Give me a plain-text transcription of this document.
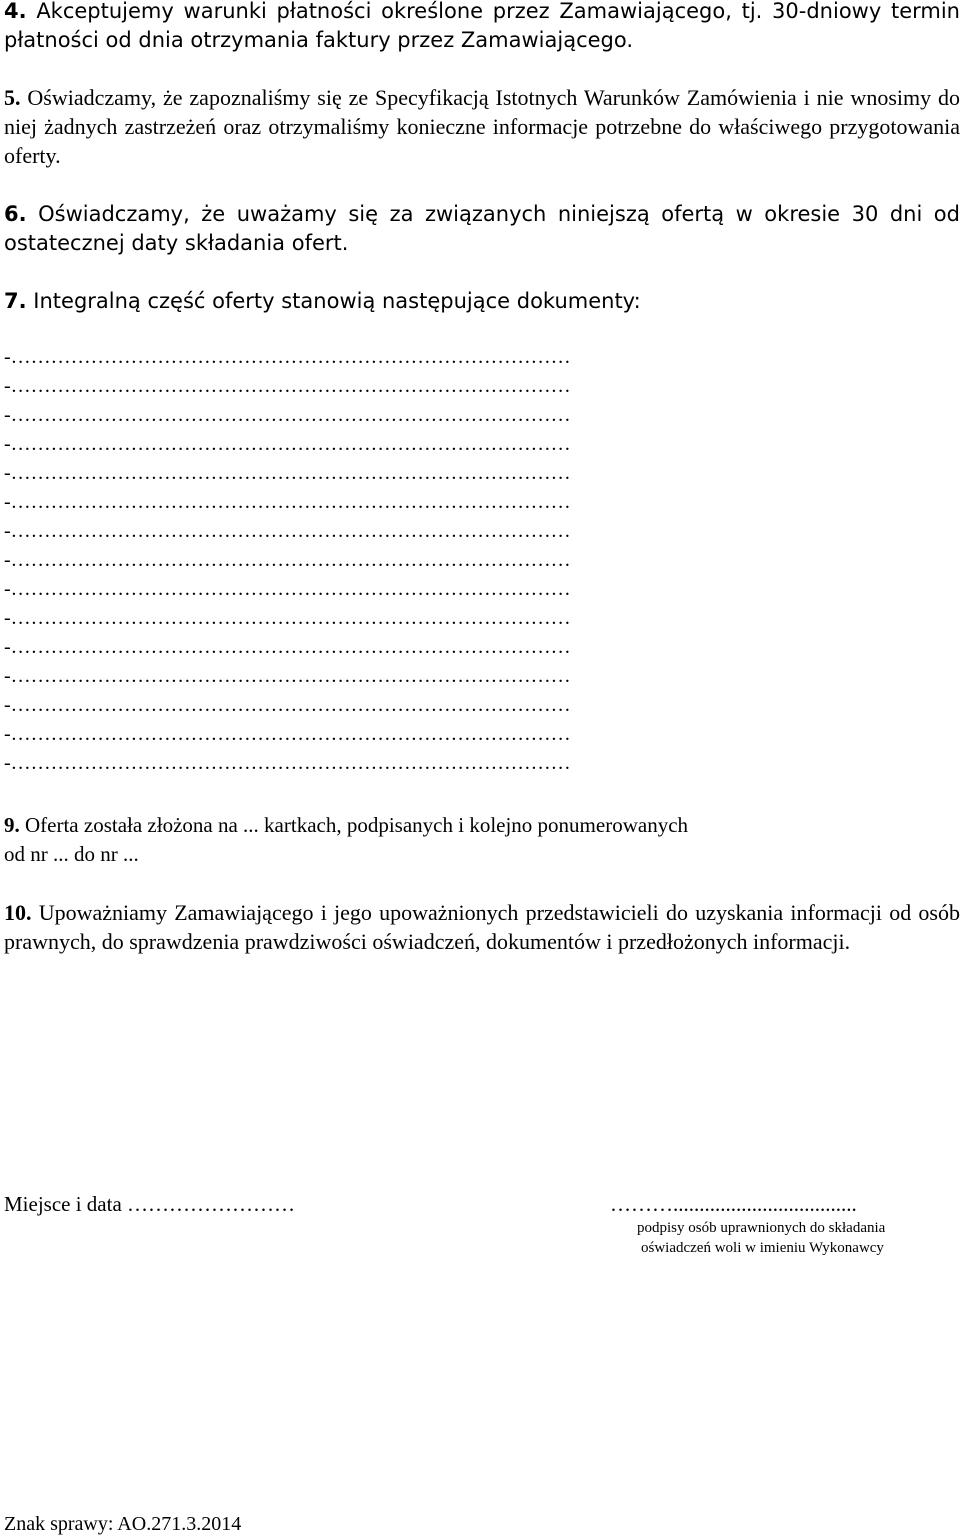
4. Akceptujemy warunki płatności określone przez Zamawiającego, tj. 30-dniowy termin płatności od dnia otrzymania faktury przez Zamawiającego.
5. Oświadczamy, że zapoznaliśmy się ze Specyfikacją Istotnych Warunków Zamówienia i nie wnosimy do niej żadnych zastrzeżeń oraz otrzymaliśmy konieczne informacje potrzebne do właściwego przygotowania oferty.
6. Oświadczamy, że uważamy się za związanych niniejszą ofertą w okresie 30 dni od ostatecznej daty składania ofert.
7. Integralną część oferty stanowią następujące dokumenty:
-…………………………………………………………………………
-…………………………………………………………………………
-…………………………………………………………………………
-…………………………………………………………………………
-…………………………………………………………………………
-…………………………………………………………………………
-…………………………………………………………………………
-…………………………………………………………………………
-…………………………………………………………………………
-…………………………………………………………………………
-…………………………………………………………………………
-…………………………………………………………………………
-…………………………………………………………………………
-…………………………………………………………………………
-…………………………………………………………………………
9. Oferta została złożona na ... kartkach, podpisanych i kolejno ponumerowanych
od nr ... do nr ...
10. Upoważniamy Zamawiającego i jego upoważnionych przedstawicieli do uzyskania informacji od osób prawnych, do sprawdzenia prawdziwości oświadczeń, dokumentów i przedłożonych informacji.
Miejsce i data ……………………	………...................................
podpisy osób uprawnionych do składania
oświadczeń woli w imieniu Wykonawcy
Znak sprawy: AO.271.3.2014
